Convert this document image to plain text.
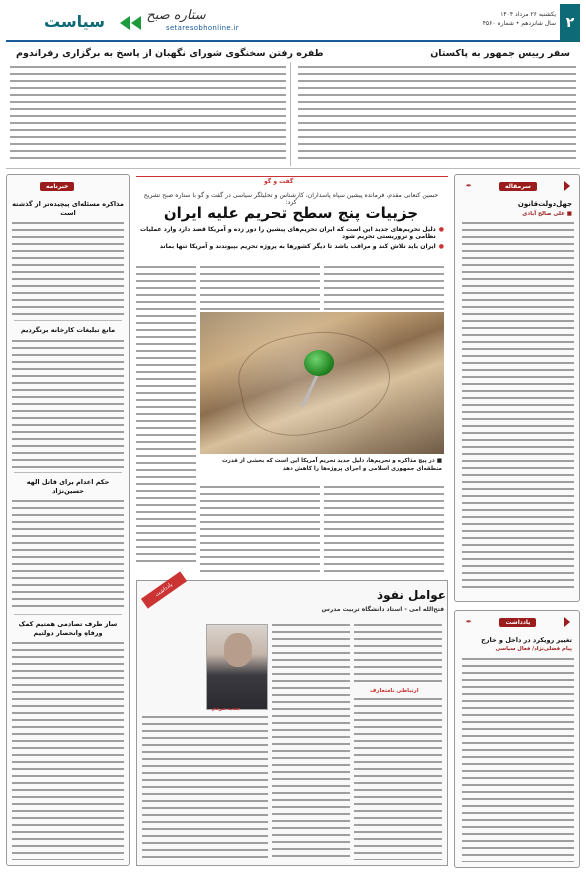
۲
یکشنبه ۲۶ مرداد ۱۴۰۴
سال شانزدهم • شماره ۴۵۶۰
setaresobhonline.ir
ستاره صبح
سیاست
سفر رییس جمهور به پاکستان
طفره رفتن سخنگوی شورای نگهبان از پاسخ به برگزاری رفراندوم
سرمقاله
✒
جهل‌دولت‌قانون
■ علی صالح آبادی
یادداشت
✒
تغییر رویکرد در داخل و خارج
پیام فضلی‌نژاد/ فعال سیاسی
گفت و گو
حسین کنعانی مقدم، فرمانده پیشین سپاه پاسداران، کارشناس و تحلیلگر سیاسی در گفت و گو با ستاره صبح تشریح کرد:
جزییات پنج سطح تحریم علیه ایران
●
دلیل تحریم‌های جدید این است که ایران تحریم‌های پیشین را دور زده و آمریکا قصد دارد وارد عملیات نظامی و تروریستی تحریم شود
●
ایران باید تلاش کند و مراقب باشد تا دیگر کشورها به پروژه تحریم بپیوندند و آمریکا تنها بماند
■ در پیچ مذاکره و تحریم‌ها، دلیل جدید تحریم آمریکا این است که بخشی از قدرت منطقه‌ای جمهوری اسلامی و اجرای پروژه‌ها را کاهش دهد
یادداشت	عوامل نفوذ
فتح‌الله امی - استاد دانشگاه تربیت مدرس
ارتباطی نامتعارف
جذب مردم
خبرنامه
مذاکره مسئله‌ای پیچیده‌تر از گذشته است
مانع تبلیغات کارخانه برنگردیم
حکم اعدام برای قاتل الهه حسین‌نژاد
ساز طرف تصادمی همتیم کمک ورفاهِ وانحصار دولتیم
